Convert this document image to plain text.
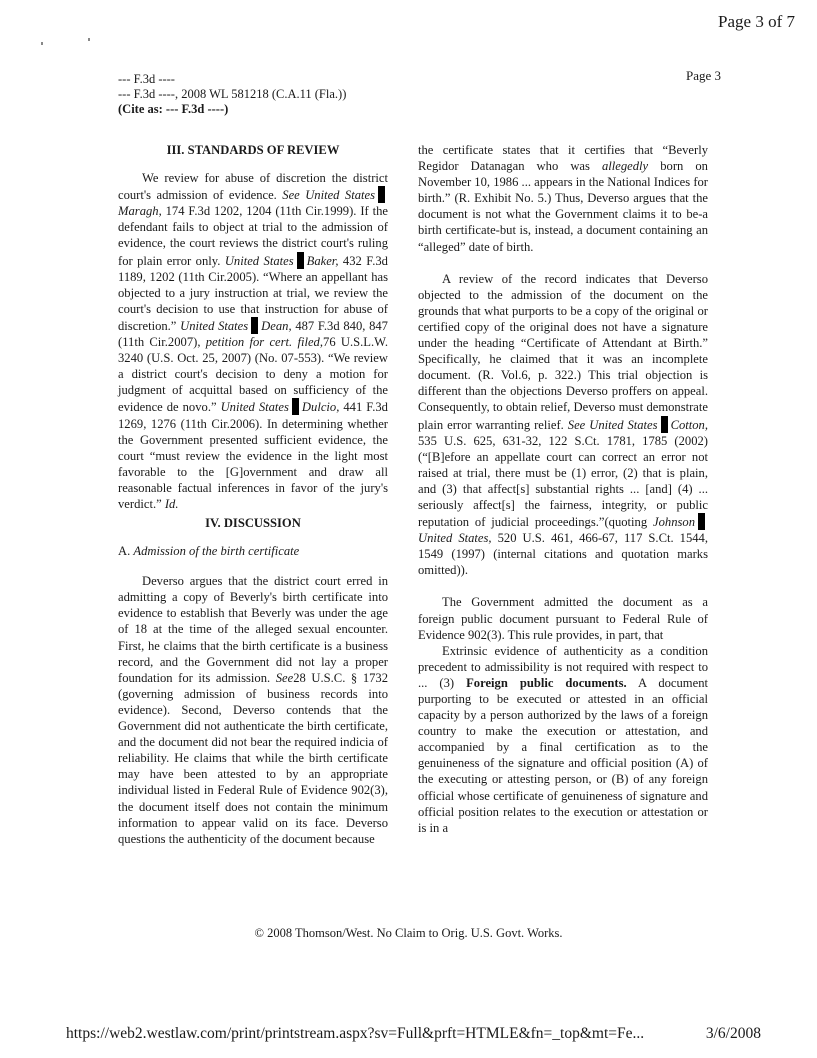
Page 3 of 7
Page 3
--- F.3d ----
--- F.3d ----, 2008 WL 581218 (C.A.11 (Fla.))
(Cite as: --- F.3d ----)
III. STANDARDS OF REVIEW

We review for abuse of discretion the district court's admission of evidence. See United StatesMaragh, 174 F.3d 1202, 1204 (11th Cir.1999). If the defendant fails to object at trial to the admission of evidence, the court reviews the district court's ruling for plain error only. United States Baker, 432 F.3d 1189, 1202 (11th Cir.2005). “Where an appellant has objected to a jury instruction at trial, we review the court's decision to use that instruction for abuse of discretion.” United States Dean, 487 F.3d 840, 847 (11th Cir.2007), petition for cert. filed,76 U.S.L.W. 3240 (U.S. Oct. 25, 2007) (No. 07-553). “We review a district court's decision to deny a motion for judgment of acquittal based on sufficiency of the evidence de novo.” United States Dulcio, 441 F.3d 1269, 1276 (11th Cir.2006). In determining whether the Government presented sufficient evidence, the court “must review the evidence in the light most favorable to the [G]overnment and draw all reasonable factual inferences in favor of the jury's verdict.” Id.

IV. DISCUSSION

A. Admission of the birth certificate

Deverso argues that the district court erred in admitting a copy of Beverly's birth certificate into evidence to establish that Beverly was under the age of 18 at the time of the alleged sexual encounter. First, he claims that the birth certificate is a business record, and the Government did not lay a proper foundation for its admission. See28 U.S.C. § 1732 (governing admission of business records into evidence). Second, Deverso contends that the Government did not authenticate the birth certificate, and the document did not bear the required indicia of reliability. He claims that while the birth certificate may have been attested to by an appropriate individual listed in Federal Rule of Evidence 902(3), the document itself does not contain the minimum information to appear valid on its face. Deverso questions the authenticity of the document because

the certificate states that it certifies that “Beverly Regidor Datanagan who was allegedly born on November 10, 1986 ... appears in the National Indices for birth.” (R. Exhibit No. 5.) Thus, Deverso argues that the document is not what the Government claims it to be-a birth certificate-but is, instead, a document containing an “alleged” date of birth.

A review of the record indicates that Deverso objected to the admission of the document on the grounds that what purports to be a copy of the original or certified copy of the original does not have a signature under the heading “Certificate of Attendant at Birth.” Specifically, he claimed that it was an incomplete document. (R. Vol.6, p. 322.) This trial objection is different than the objections Deverso proffers on appeal. Consequently, to obtain relief, Deverso must demonstrate plain error warranting relief. See United States Cotton, 535 U.S. 625, 631-32, 122 S.Ct. 1781, 1785 (2002) (“[B]efore an appellate court can correct an error not raised at trial, there must be (1) error, (2) that is plain, and (3) that affect[s] substantial rights ... [and] (4) ... seriously affect[s] the fairness, integrity, or public reputation of judicial proceedings.”(quoting JohnsonUnited States, 520 U.S. 461, 466-67, 117 S.Ct. 1544, 1549 (1997) (internal citations and quotation marks omitted)).

The Government admitted the document as a foreign public document pursuant to Federal Rule of Evidence 902(3). This rule provides, in part, that

Extrinsic evidence of authenticity as a condition precedent to admissibility is not required with respect to ... (3) Foreign public documents. A document purporting to be executed or attested in an official capacity by a person authorized by the laws of a foreign country to make the execution or attestation, and accompanied by a final certification as to the genuineness of the signature and official position (A) of the executing or attesting person, or (B) of any foreign official whose certificate of genuineness of signature and official position relates to the execution or attestation or is in a

© 2008 Thomson/West. No Claim to Orig. U.S. Govt. Works.
https://web2.westlaw.com/print/printstream.aspx?sv=Full&prft=HTMLE&fn=_top&mt=Fe...	3/6/2008
